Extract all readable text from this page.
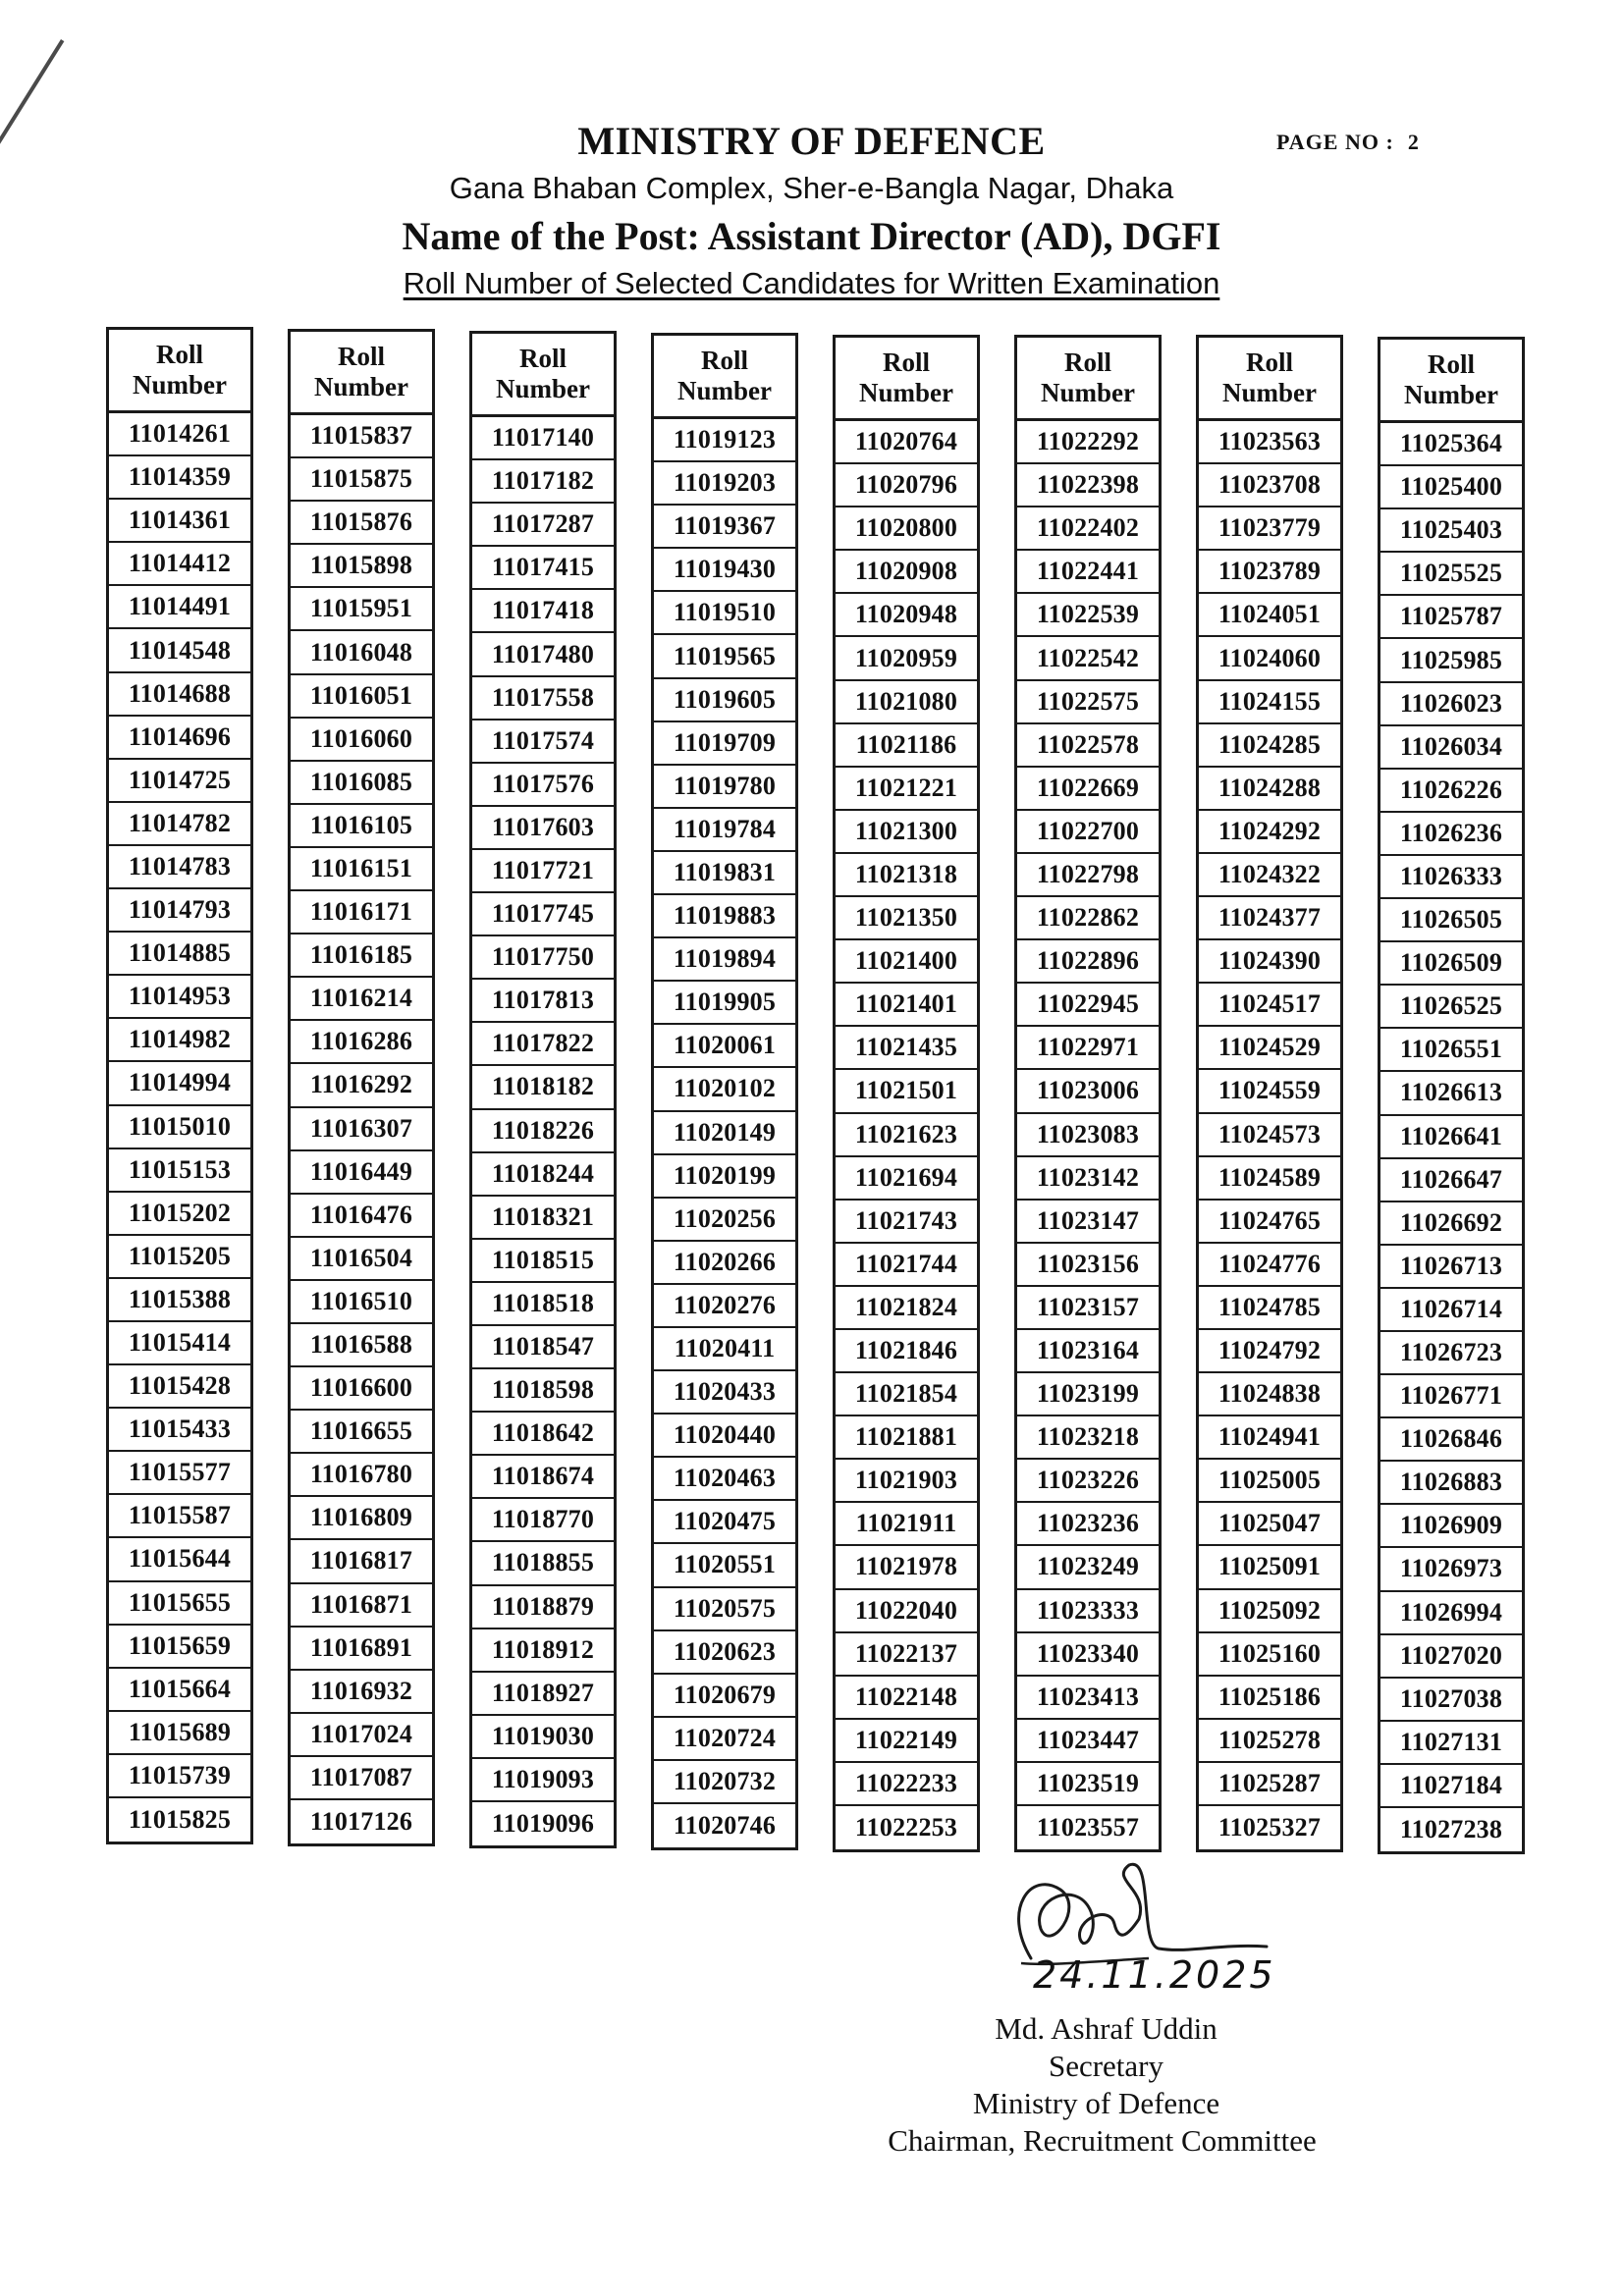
PAGE NO : 2
MINISTRY OF DEFENCE
Gana Bhaban Complex, Sher-e-Bangla Nagar, Dhaka
Name of the Post: Assistant Director (AD), DGFI
Roll Number of Selected Candidates for Written Examination
Roll
Number
11014261
11014359
11014361
11014412
11014491
11014548
11014688
11014696
11014725
11014782
11014783
11014793
11014885
11014953
11014982
11014994
11015010
11015153
11015202
11015205
11015388
11015414
11015428
11015433
11015577
11015587
11015644
11015655
11015659
11015664
11015689
11015739
11015825
Roll
Number
11015837
11015875
11015876
11015898
11015951
11016048
11016051
11016060
11016085
11016105
11016151
11016171
11016185
11016214
11016286
11016292
11016307
11016449
11016476
11016504
11016510
11016588
11016600
11016655
11016780
11016809
11016817
11016871
11016891
11016932
11017024
11017087
11017126
Roll
Number
11017140
11017182
11017287
11017415
11017418
11017480
11017558
11017574
11017576
11017603
11017721
11017745
11017750
11017813
11017822
11018182
11018226
11018244
11018321
11018515
11018518
11018547
11018598
11018642
11018674
11018770
11018855
11018879
11018912
11018927
11019030
11019093
11019096
Roll
Number
11019123
11019203
11019367
11019430
11019510
11019565
11019605
11019709
11019780
11019784
11019831
11019883
11019894
11019905
11020061
11020102
11020149
11020199
11020256
11020266
11020276
11020411
11020433
11020440
11020463
11020475
11020551
11020575
11020623
11020679
11020724
11020732
11020746
Roll
Number
11020764
11020796
11020800
11020908
11020948
11020959
11021080
11021186
11021221
11021300
11021318
11021350
11021400
11021401
11021435
11021501
11021623
11021694
11021743
11021744
11021824
11021846
11021854
11021881
11021903
11021911
11021978
11022040
11022137
11022148
11022149
11022233
11022253
Roll
Number
11022292
11022398
11022402
11022441
11022539
11022542
11022575
11022578
11022669
11022700
11022798
11022862
11022896
11022945
11022971
11023006
11023083
11023142
11023147
11023156
11023157
11023164
11023199
11023218
11023226
11023236
11023249
11023333
11023340
11023413
11023447
11023519
11023557
Roll
Number
11023563
11023708
11023779
11023789
11024051
11024060
11024155
11024285
11024288
11024292
11024322
11024377
11024390
11024517
11024529
11024559
11024573
11024589
11024765
11024776
11024785
11024792
11024838
11024941
11025005
11025047
11025091
11025092
11025160
11025186
11025278
11025287
11025327
Roll
Number
11025364
11025400
11025403
11025525
11025787
11025985
11026023
11026034
11026226
11026236
11026333
11026505
11026509
11026525
11026551
11026613
11026641
11026647
11026692
11026713
11026714
11026723
11026771
11026846
11026883
11026909
11026973
11026994
11027020
11027038
11027131
11027184
11027238
24.11.2025
Md. Ashraf Uddin
Secretary
Ministry of Defence
Chairman, Recruitment Committee
